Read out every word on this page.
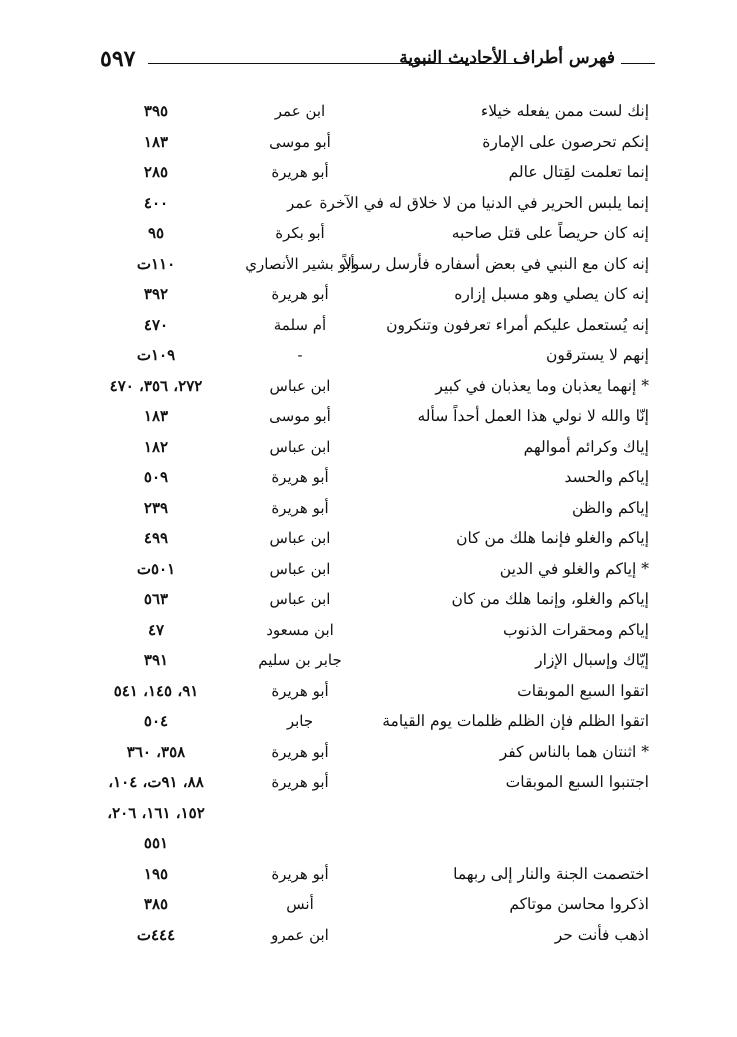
٥٩٧	فهرس أطراف الأحاديث النبوية
إنك لست ممن يفعله خيلاء
ابن عمر
٣٩٥
إنكم تحرصون على الإمارة
أبو موسى
١٨٣
إنما تعلمت لقِتال عالم
أبو هريرة
٢٨٥
إنما يلبس الحرير في الدنيا من لا خلاق له في الآخرة
عمر
٤٠٠
إنه كان حريصاً على قتل صاحبه
أبو بكرة
٩٥
إنه كان مع النبي في بعض أسفاره فأرسل رسولاً
أبو بشير الأنصاري
١١٠ت
إنه كان يصلي وهو مسبل إزاره
أبو هريرة
٣٩٢
إنه يُستعمل عليكم أمراء تعرفون وتنكرون
أم سلمة
٤٧٠
إنهم لا يسترقون
-
١٠٩ت
* إنهما يعذبان وما يعذبان في كبير
ابن عباس
٢٧٢، ٣٥٦، ٤٧٠
إنّا والله لا نولي هذا العمل أحداً سأله
أبو موسى
١٨٣
إياك وكرائم أموالهم
ابن عباس
١٨٢
إياكم والحسد
أبو هريرة
٥٠٩
إياكم والظن
أبو هريرة
٢٣٩
إياكم والغلو فإنما هلك من كان
ابن عباس
٤٩٩
* إياكم والغلو في الدين
ابن عباس
٥٠١ت
إياكم والغلو، وإنما هلك من كان
ابن عباس
٥٦٣
إياكم ومحقرات الذنوب
ابن مسعود
٤٧
إيّاك وإسبال الإزار
جابر بن سليم
٣٩١
اتقوا السبع الموبقات
أبو هريرة
٩١، ١٤٥، ٥٤١
اتقوا الظلم فإن الظلم ظلمات يوم القيامة
جابر
٥٠٤
* اثنتان هما بالناس كفر
أبو هريرة
٣٥٨، ٣٦٠
اجتنبوا السبع الموبقات
أبو هريرة
٨٨، ٩١ت، ١٠٤،
١٥٢، ١٦١، ٢٠٦،
٥٥١
اختصمت الجنة والنار إلى ربهما
أبو هريرة
١٩٥
اذكروا محاسن موتاكم
أنس
٣٨٥
اذهب فأنت حر
ابن عمرو
٤٤٤ت
